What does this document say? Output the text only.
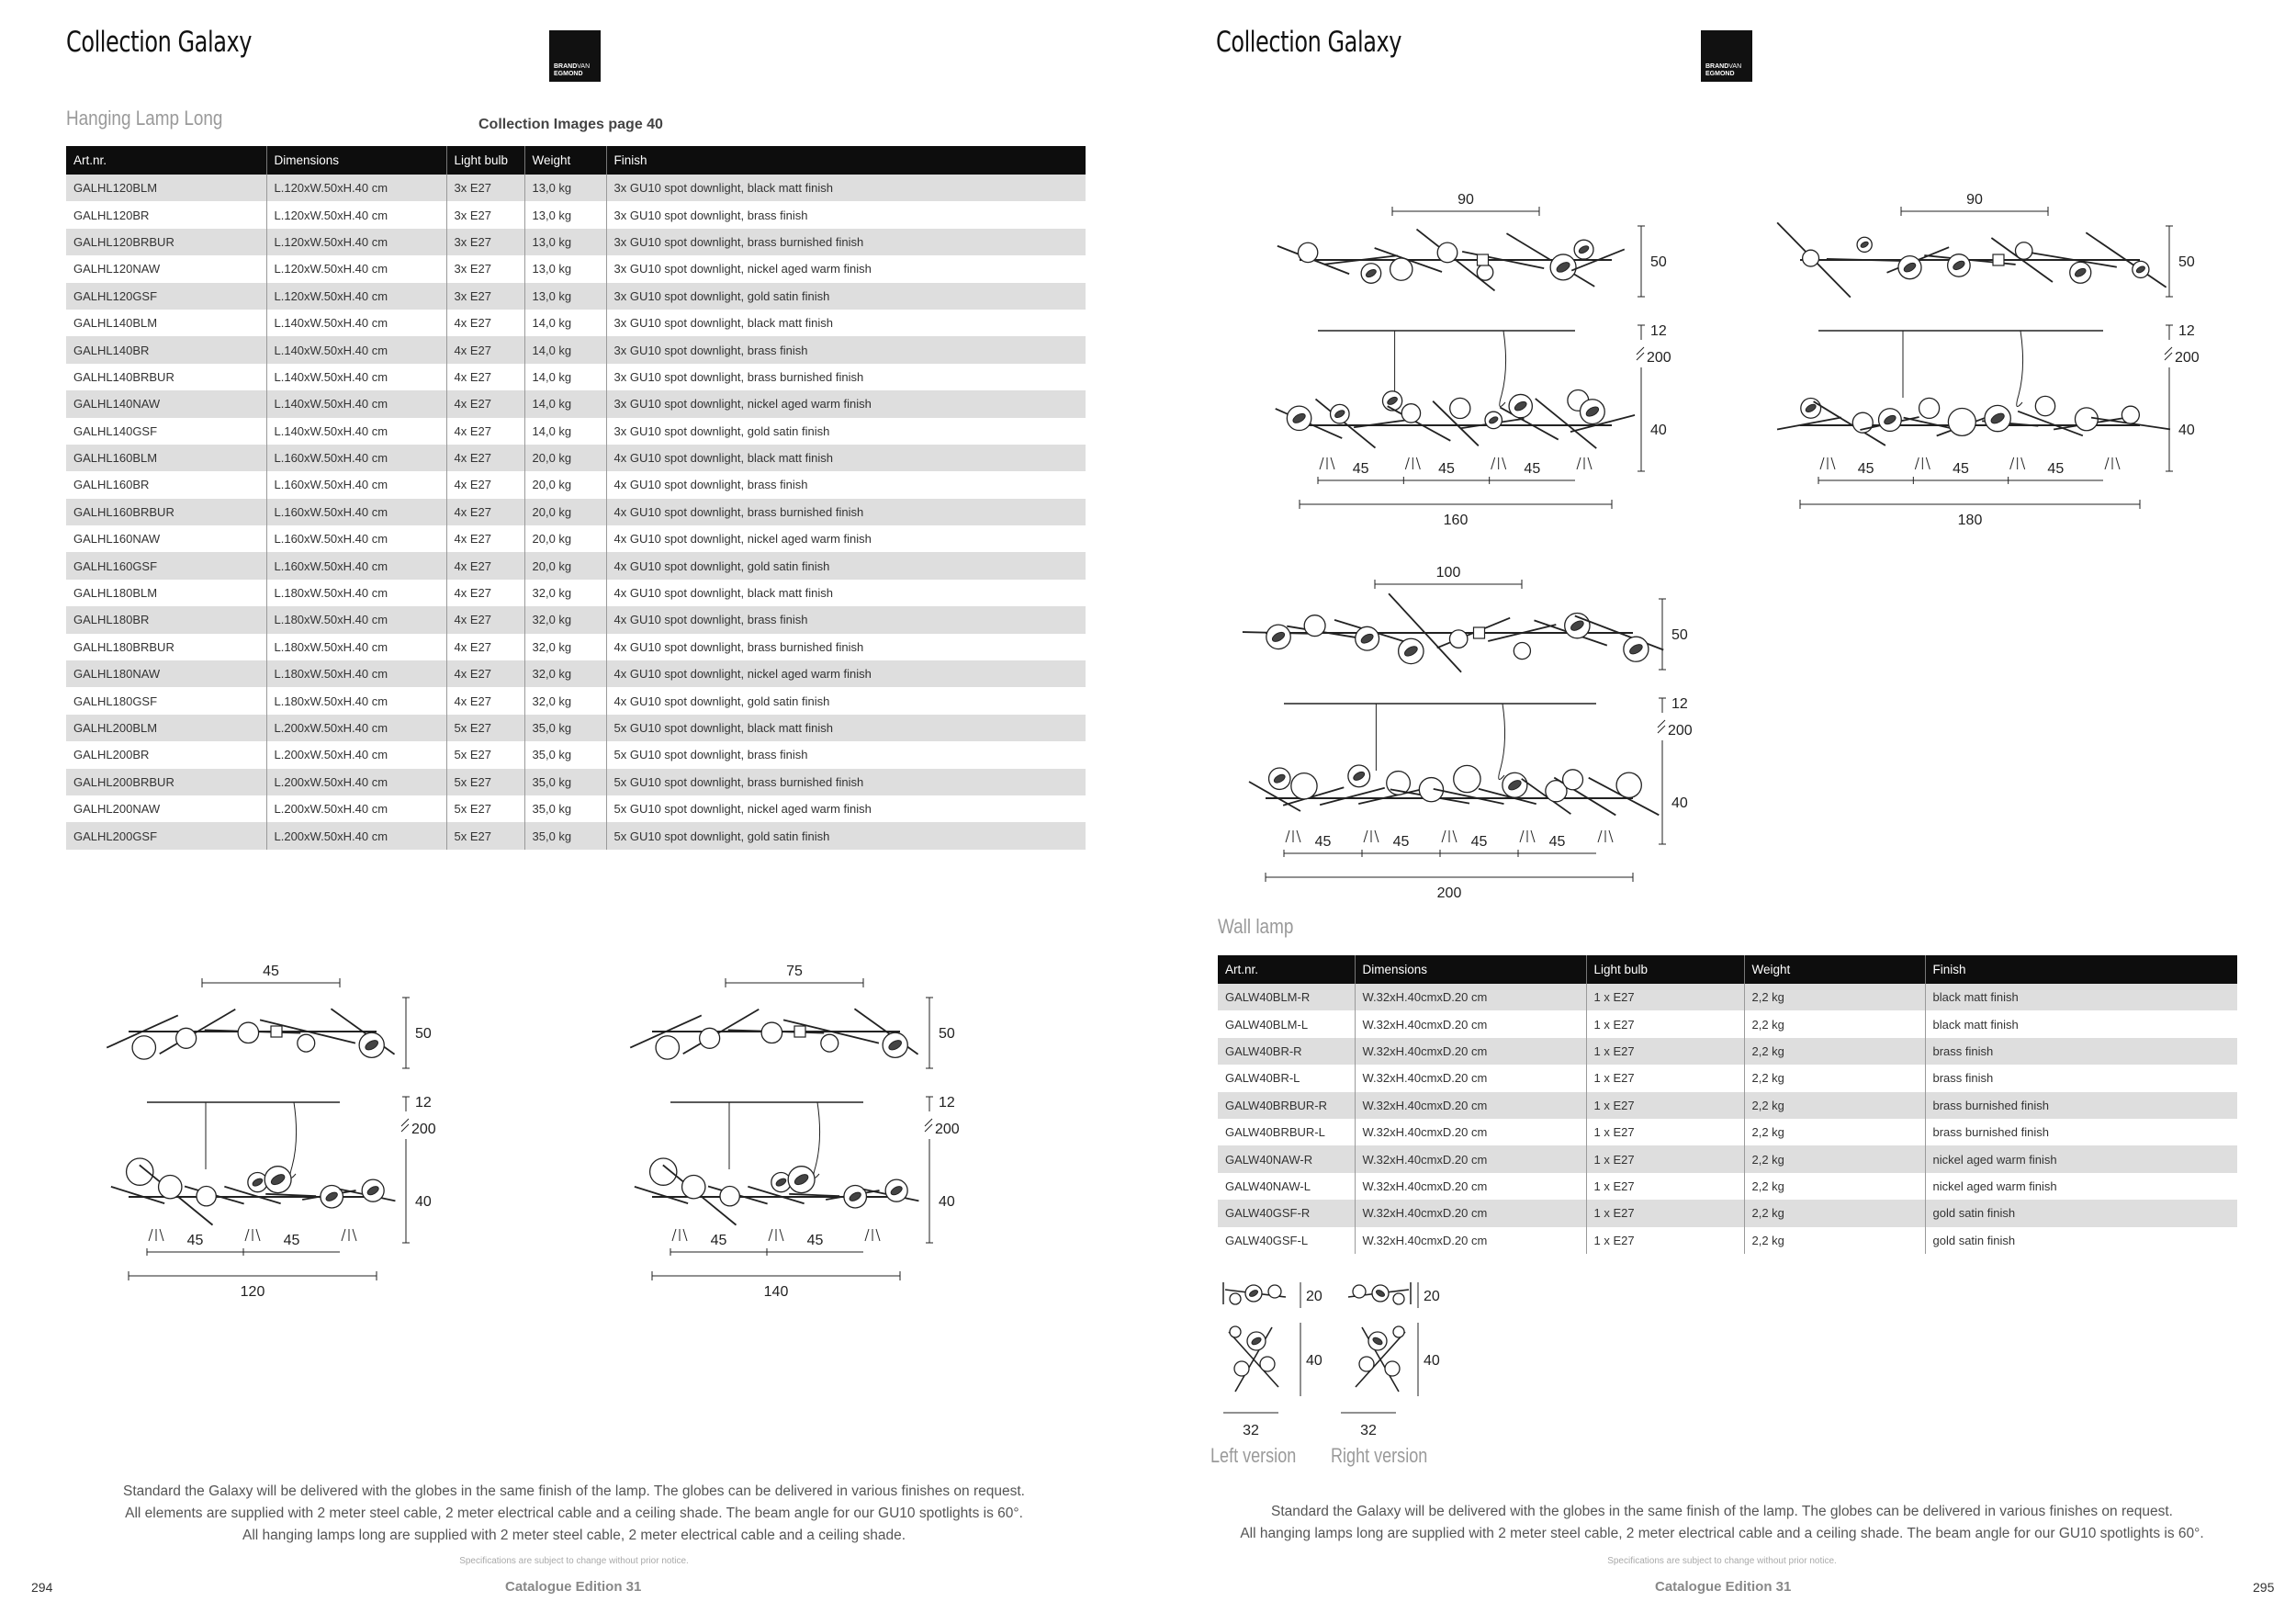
Collection Galaxy
BRANDVAN
EGMOND
Hanging Lamp Long	Collection Images page 40
Art.nr.	Dimensions	Light bulb	Weight	Finish
GALHL120BLM	L.120xW.50xH.40 cm	3x E27	13,0 kg	3x GU10 spot downlight, black matt finish
GALHL120BR	L.120xW.50xH.40 cm	3x E27	13,0 kg	3x GU10 spot downlight, brass finish
GALHL120BRBUR	L.120xW.50xH.40 cm	3x E27	13,0 kg	3x GU10 spot downlight, brass burnished finish
GALHL120NAW	L.120xW.50xH.40 cm	3x E27	13,0 kg	3x GU10 spot downlight, nickel aged warm finish
GALHL120GSF	L.120xW.50xH.40 cm	3x E27	13,0 kg	3x GU10 spot downlight, gold satin finish
GALHL140BLM	L.140xW.50xH.40 cm	4x E27	14,0 kg	3x GU10 spot downlight, black matt finish
GALHL140BR	L.140xW.50xH.40 cm	4x E27	14,0 kg	3x GU10 spot downlight, brass finish
GALHL140BRBUR	L.140xW.50xH.40 cm	4x E27	14,0 kg	3x GU10 spot downlight, brass burnished finish
GALHL140NAW	L.140xW.50xH.40 cm	4x E27	14,0 kg	3x GU10 spot downlight, nickel aged warm finish
GALHL140GSF	L.140xW.50xH.40 cm	4x E27	14,0 kg	3x GU10 spot downlight, gold satin finish
GALHL160BLM	L.160xW.50xH.40 cm	4x E27	20,0 kg	4x GU10 spot downlight, black matt finish
GALHL160BR	L.160xW.50xH.40 cm	4x E27	20,0 kg	4x GU10 spot downlight, brass finish
GALHL160BRBUR	L.160xW.50xH.40 cm	4x E27	20,0 kg	4x GU10 spot downlight, brass burnished finish
GALHL160NAW	L.160xW.50xH.40 cm	4x E27	20,0 kg	4x GU10 spot downlight, nickel aged warm finish
GALHL160GSF	L.160xW.50xH.40 cm	4x E27	20,0 kg	4x GU10 spot downlight, gold satin finish
GALHL180BLM	L.180xW.50xH.40 cm	4x E27	32,0 kg	4x GU10 spot downlight, black matt finish
GALHL180BR	L.180xW.50xH.40 cm	4x E27	32,0 kg	4x GU10 spot downlight, brass finish
GALHL180BRBUR	L.180xW.50xH.40 cm	4x E27	32,0 kg	4x GU10 spot downlight, brass burnished finish
GALHL180NAW	L.180xW.50xH.40 cm	4x E27	32,0 kg	4x GU10 spot downlight, nickel aged warm finish
GALHL180GSF	L.180xW.50xH.40 cm	4x E27	32,0 kg	4x GU10 spot downlight, gold satin finish
GALHL200BLM	L.200xW.50xH.40 cm	5x E27	35,0 kg	5x GU10 spot downlight, black matt finish
GALHL200BR	L.200xW.50xH.40 cm	5x E27	35,0 kg	5x GU10 spot downlight, brass finish
GALHL200BRBUR	L.200xW.50xH.40 cm	5x E27	35,0 kg	5x GU10 spot downlight, brass burnished finish
GALHL200NAW	L.200xW.50xH.40 cm	5x E27	35,0 kg	5x GU10 spot downlight, nickel aged warm finish
GALHL200GSF	L.200xW.50xH.40 cm	5x E27	35,0 kg	5x GU10 spot downlight, gold satin finish
45
50
12
200
40
45	45
120
75
50
12
200
40
45	45
140
Standard the Galaxy will be delivered with the globes in the same finish of the lamp. The globes can be delivered in various finishes on request.
All elements are supplied with 2 meter steel cable, 2 meter electrical cable and a ceiling shade. The beam angle for our GU10 spotlights is 60°.
All hanging lamps long are supplied with 2 meter steel cable, 2 meter electrical cable and a ceiling shade.
Specifications are subject to change without prior notice.
Catalogue Edition 31
294
Collection Galaxy
BRANDVAN
EGMOND
90
50
12
200
40
45	45	45
160
90
50
12
200
40
45	45	45
180
100
50
12
200
40
45	45	45	45
200
Wall lamp
Art.nr.	Dimensions	Light bulb	Weight	Finish
GALW40BLM-R	W.32xH.40cmxD.20 cm	1 x E27	2,2 kg	black matt finish
GALW40BLM-L	W.32xH.40cmxD.20 cm	1 x E27	2,2 kg	black matt finish
GALW40BR-R	W.32xH.40cmxD.20 cm	1 x E27	2,2 kg	brass finish
GALW40BR-L	W.32xH.40cmxD.20 cm	1 x E27	2,2 kg	brass finish
GALW40BRBUR-R	W.32xH.40cmxD.20 cm	1 x E27	2,2 kg	brass burnished finish
GALW40BRBUR-L	W.32xH.40cmxD.20 cm	1 x E27	2,2 kg	brass burnished finish
GALW40NAW-R	W.32xH.40cmxD.20 cm	1 x E27	2,2 kg	nickel aged warm finish
GALW40NAW-L	W.32xH.40cmxD.20 cm	1 x E27	2,2 kg	nickel aged warm finish
GALW40GSF-R	W.32xH.40cmxD.20 cm	1 x E27	2,2 kg	gold satin finish
GALW40GSF-L	W.32xH.40cmxD.20 cm	1 x E27	2,2 kg	gold satin finish
20
40
32
20
40
32
Left version Right version
Standard the Galaxy will be delivered with the globes in the same finish of the lamp. The globes can be delivered in various finishes on request.
All hanging lamps long are supplied with 2 meter steel cable, 2 meter electrical cable and a ceiling shade. The beam angle for our GU10 spotlights is 60°.
Specifications are subject to change without prior notice.
Catalogue Edition 31	295
